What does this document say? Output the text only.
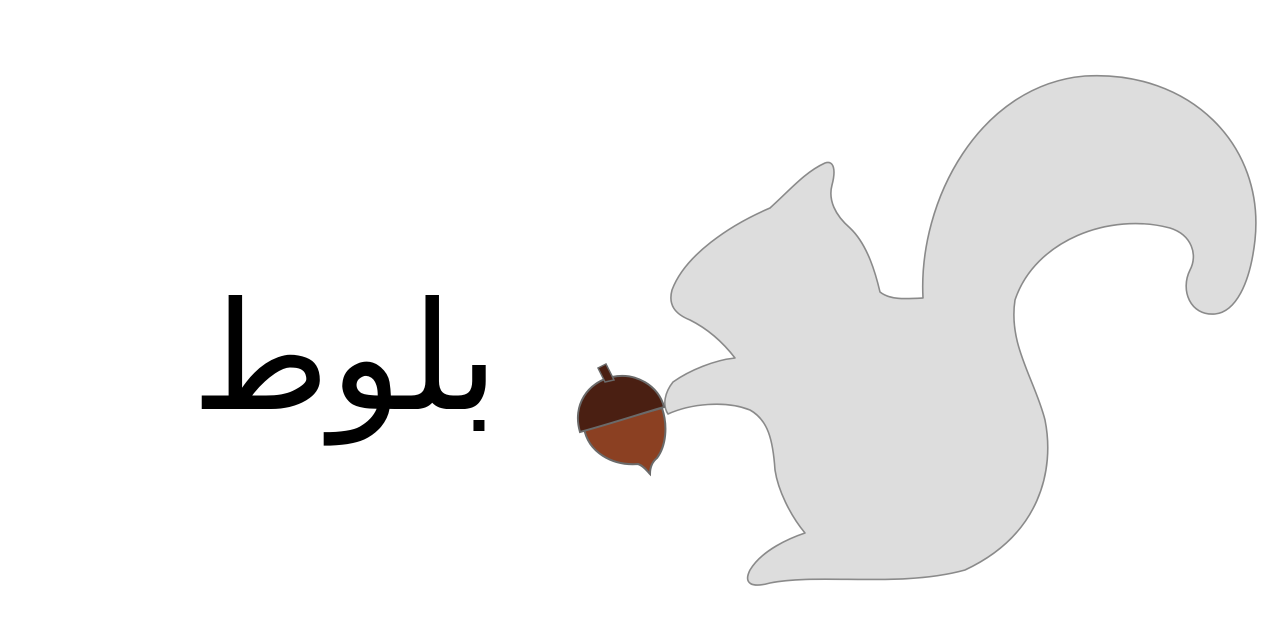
بلوط
